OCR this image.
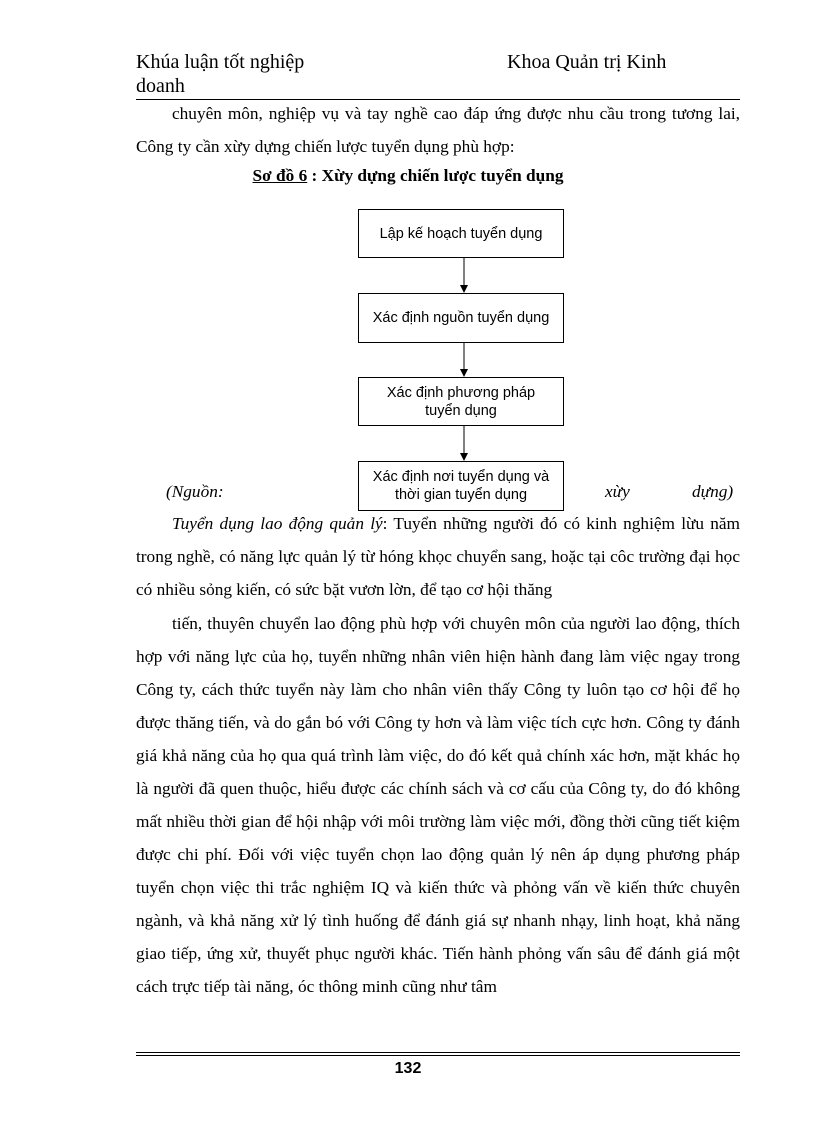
Khúa luận tốt nghiệp doanh
Khoa Quản trị Kinh
chuyên môn, nghiệp vụ và tay nghề cao đáp ứng được nhu cầu trong tương lai, Công ty cần xừy dựng chiến lược tuyển dụng phù hợp:
Sơ đồ 6 : Xừy dựng chiến lược tuyển dụng
Lập kế hoạch tuyển dụng
Xác định nguồn tuyển dụng
Xác định phương pháp tuyển dụng
(Nguồn:	xừy	dựng)
Xác định nơi tuyển dụng và thời gian tuyển dụng
Tuyển dụng lao động quản lý: Tuyển những người đó có kinh nghiệm lừu năm trong nghề, có năng lực quản lý từ hóng khọc chuyển sang, hoặc tại côc trường đại học có nhiều sỏng kiến, có sức bặt vươn lờn, để tạo cơ hội thăng
tiến, thuyên chuyển lao động phù hợp với chuyên môn của người lao động, thích hợp với năng lực của họ, tuyển những nhân viên hiện hành đang làm việc ngay trong Công ty, cách thức tuyển này làm cho nhân viên thấy Công ty luôn tạo cơ hội để họ được thăng tiến, và do gắn bó với Công ty hơn và làm việc tích cực hơn. Công ty đánh giá khả năng của họ qua quá trình làm việc, do đó kết quả chính xác hơn, mặt khác họ là người đã quen thuộc, hiểu được các chính sách và cơ cấu của Công ty, do đó không mất nhiều thời gian để hội nhập với môi trường làm việc mới, đồng thời cũng tiết kiệm được chi phí. Đối với việc tuyển chọn lao động quản lý nên áp dụng phương pháp tuyển chọn việc thi trắc nghiệm IQ và kiến thức và phỏng vấn về kiến thức chuyên ngành, và khả năng xử lý tình huống để đánh giá sự nhanh nhạy, linh hoạt, khả năng giao tiếp, ứng xử, thuyết phục người khác. Tiến hành phỏng vấn sâu để đánh giá một cách trực tiếp tài năng, óc thông minh cũng như tâm
132
